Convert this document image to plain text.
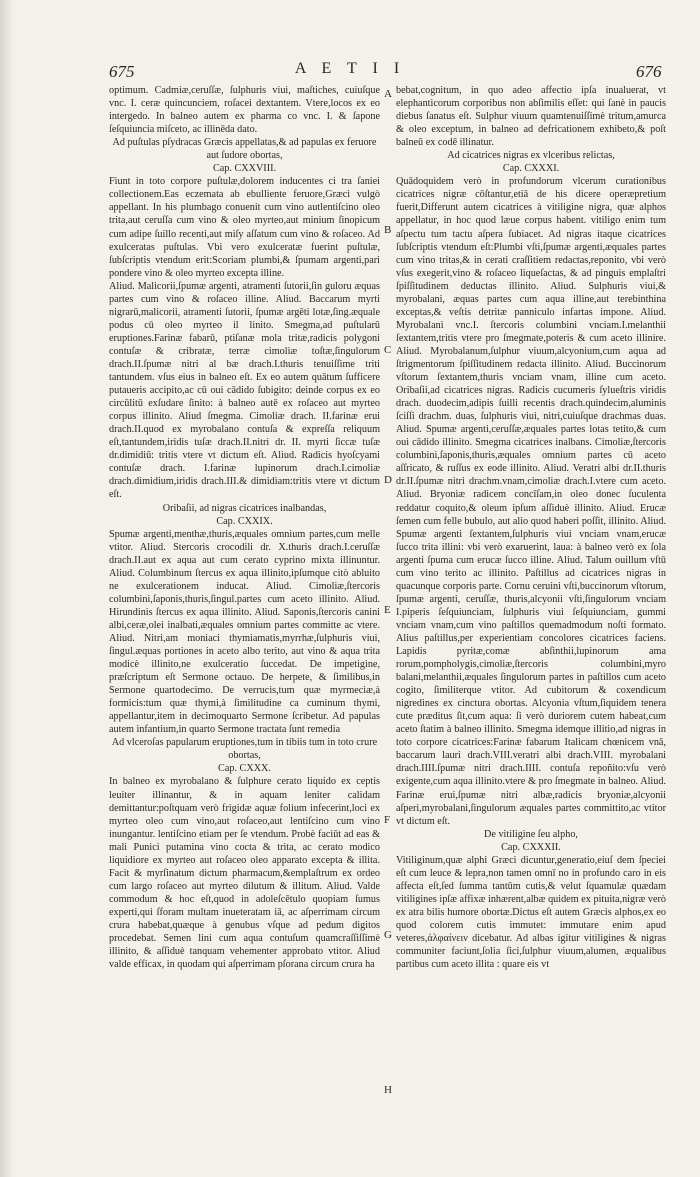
675	A E T I I	676

optimum. Cadmiæ,ceruſſæ, ſulphuris viui, maſtiches, cuiuſque vnc. I. ceræ quincunciem, roſacei dextantem. Vtere,locos ex eo intergedo. In balneo autem ex pharma co vnc. I. & ſapone ſeſquiuncia miſceto, ac illinēda dato.

Ad puſtulas pſydracas Græcis appellatas,& ad papulas ex feruore aut ſudore obortas,

Cap. CXXVIII.

Fiunt in toto corpore puſtulæ,dolorem inducentes ci tra ſaniei collectionem.Eas eczemata ab ebulliente feruore,Græci vulgò appellant. In his plumbago conuenit cum vino autlentiſcino oleo trita,aut ceruſſa cum vino & oleo myrteo,aut minium ſinopicum cum adipe ſuillo recenti,aut miſy aſſatum cum vino & roſaceo. Ad exulceratas puſtulas. Vbi vero exulceratæ fuerint puſtulæ, ſubſcriptis vtendum erit:Scoriam plumbi,& ſpumam argenti,pari pondere vino & oleo myrteo excepta illine.

Aliud. Malicorii,ſpumæ argenti, atramenti ſutorii,ſin guloru æquas partes cum vino & roſaceo illine. Aliud. Baccarum myrti nigrarū,malicorii, atramenti ſutorii, ſpumæ argēti lotæ,ſing.æquale podus cū oleo myrteo il linito. Smegma,ad puſtularū eruptiones.Farinæ fabarū, ptiſanæ mola tritæ,radicis polygoni contuſæ & cribratæ, terræ cimoliæ toſtæ,ſingulorum drach.II.ſpumæ nitri al bæ drach.I.thuris tenuiſſime triti tantundem. vſus eius in balneo eſt. Ex eo autem quātum ſufficere putaueris accipito,ac cū oui cādido ſubigito: deinde corpus ex eo circūlitū exſudare ſinito: à balneo autē ex roſaceo aut myrteo corpus illinito. Aliud ſmegma. Cimoliæ drach. II.farinæ erui drach.II.quod ex myrobalano contuſa & expreſſa reliquum eſt,tantundem,iridis tuſæ drach.II.nitri dr. II. myrti ſiccæ tuſæ dr.dimidiū: tritis vtere vt dictum eſt. Aliud. Radicis hyoſcyami contuſæ drach. I.farinæ lupinorum drach.I.cimoliæ drach.dimidium,iridis drach.III.& dimidiam:tritis vtere vt dictum eſt.

Oribaſii, ad nigras cicatrices inalbandas,

Cap. CXXIX.

Spumæ argenti,menthæ,thuris,æquales omnium partes,cum melle vtitor. Aliud. Stercoris crocodili dr. X.thuris drach.I.ceruſſæ drach.II.aut ex aqua aut cum cerato cyprino mixta illinuntur. Aliud. Columbinum ſtercus ex aqua illinito,ipſumque citò abluito ne exulcerationem inducat. Aliud. Cimoliæ,ſtercoris columbini,ſaponis,thuris,ſingul.partes cum aceto illinito. Aliud. Hirundinis ſtercus ex aqua illinito. Aliud. Saponis,ſtercoris canini albi,ceræ,olei inalbati,æquales omnium partes committe ac vtere. Aliud. Nitri,am moniaci thymiamatis,myrrhæ,ſulphuris viui, ſingul.æquas portiones in aceto albo terito, aut vino & aqua trita modicè illinito,ne exulceratio ſuccedat. De impetigine, præſcriptum eſt Sermone octauo. De herpete, & ſimilibus,in Sermone quartodecimo. De verrucis,tum quæ myrmeciæ,à formicis:tum quæ thymi,à ſimilitudine ca cuminum thymi, appellantur,item in decimoquarto Sermone ſcribetur. Ad papulas autem infantium,in quarto Sermone tractata ſunt remedia

Ad vlceroſas papularum eruptiones,tum in tibiis tum in toto crure obortas,

Cap. CXXX.

In balneo ex myrobalano & ſulphure cerato liquido ex ceptis leuiter illinantur, & in aquam leniter calidam demittantur:poſtquam verò frigidæ aquæ folium infecerint,loci ex myrteo oleo cum vino,aut roſaceo,aut lentiſcino cum vino inungantur. lentiſcino etiam per ſe vtendum. Probè faciūt ad eas & mali Punici putamina vino cocta & trita, ac cerato modico liquidiore ex myrteo aut roſaceo oleo apparato excepta & illita. Facit & myrſinatum dictum pharmacum,&emplaſtrum ex ordeo cum largo roſaceo aut myrteo dilutum & illitum. Aliud. Valde commodum & hoc eſt,quod in adoleſcētulo quopiam ſumus experti,qui ſforam multam inueteratam iā, ac aſperrimam circum crura habebat,quæque à genubus vſque ad pedum digitos procedebat. Semen lini cum aqua contuſum quamcraſſiſſimè illinito, & aſſiduè tanquam vehementer approbato vtitor. Aliud valde efficax, in quodam qui aſperrimam pſorana circum crura ha

bebat,cognitum, in quo adeo affectio ipſa inualuerat, vt elephanticorum corporibus non abſimilis eſſet: qui ſanè in paucis diebus ſanatus eſt. Sulphur viuum quamtenuiſſimè tritum,amurca & oleo exceptum, in balneo ad defricationem exhibeto,& poſt balneū ex codē illinatur.

Ad cicatrices nigras ex vlceribus relictas,

Cap. CXXXI.

Quādoquidem verò in profundorum vlcerum curationibus cicatrices nigræ cōſtantur,etiā de his dicere operæpretium fuerit,Differunt autem cicatrices à vitiligine nigra, quæ alphos appellatur, in hoc quod læue corpus habent. vitiligo enim tum aſpectu tum tactu aſpera ſubiacet. Ad nigras itaque cicatrices ſubſcriptis vtendum eſt:Plumbi vſti,ſpumæ argenti,æquales partes cum vino tritas,& in cerati craſſitiem redactas,reponito, vbi verò vſus exegerit,vino & roſaceo liqueſactas, & ad pinguis emplaſtri ſpiſſitudinem deductas illinito. Aliud. Sulphuris viui,& myrobalani, æquas partes cum aqua illine,aut terebinthina exceptas,& veſtis detritæ panniculo infartas impone. Aliud. Myrobalani vnc.I. ſtercoris columbini vnciam.I.melanthii ſextantem,tritis vtere pro ſmegmate,poteris & cum aceto illinire. Aliud. Myrobalanum,ſulphur viuum,alcyonium,cum aqua ad ſtrigmentorum ſpiſſitudinem redacta illinito. Aliud. Buccinorum vſtorum ſextantem,thuris vnciam vnam, illine cum aceto. Oribaſii,ad cicatrices nigras. Radicis cucumeris ſylueſtris viridis drach. duodecim,adipis ſuilli recentis drach.quindecim,aluminis ſciſſi drachm. duas, ſulphuris viui, nitri,cuiuſque drachmas duas. Aliud. Spumæ argenti,ceruſſæ,æquales partes lotas tetito,& cum oui cādido illinito. Smegma cicatrices inalbans. Cimoliæ,ſtercoris columbini,ſaponis,thuris,æquales omnium partes cū aceto aſſricato, & ruſſus ex eode illinito. Aliud. Veratri albi dr.II.thuris dr.II.ſpumæ nitri drachm.vnam,cimoliæ drach.I.vtere cum aceto. Aliud. Bryoniæ radicem concīſam,in oleo donec ſuculenta reddatur coquito,& oleum ipſum aſſiduè illinito. Aliud. Erucæ ſemen cum felle bubulo, aut alio quod haberi poſſit, illinito. Aliud. Spumæ argenti ſextantem,ſulphuris viui vnciam vnam,erucæ ſucco trita illini: vbi verò exaruerint, laua: à balneo verò ex ſola argenti ſpuma cum erucæ ſucco illine. Aliud. Talum ouillum vſtū cum vino terito ac illinito. Paſtillus ad cicatrices nigras in quacunque corporis parte. Cornu ceruini vſti,buccinorum vſtorum, ſpumæ argenti, ceruſſæ, thuris,alcyonii vſti,ſingulorum vnciam I.piperis ſeſquiunciam, ſulphuris viui ſeſquiunciam, gummi vnciam vnam,cum vino paſtillos quemadmodum noſti formato. Alius paſtillus,per experientiam concolores cicatrices faciens. Lapidis pyritæ,comæ abſinthii,lupinorum ama rorum,pompholygis,cimoliæ,ſtercoris columbini,myro balani,melanthii,æquales ſingulorum partes in paſtillos cum aceto cogito, ſimiliterque vtitor. Ad cubitorum & coxendicum nigredines ex cinctura obortas. Alcyonia vſtum,ſiquidem tenera cute præditus ſit,cum aqua: ſi verò duriorem cutem habeat,cum aceto ſtatim à balneo illinito. Smegma idemque illitio,ad nigras in toto corpore cicatrices:Farinæ fabarum Italicam chœnicem vnā, baccarum lauri drach.VIII.veratri albi drach.VIII. myrobalani drach.IIII.ſpumæ nitri drach.IIII. contuſa repoñito:vſu verò exigente,cum aqua illinito.vtere & pro ſmegmate in balneo. Aliud. Farinæ erui,ſpumæ nitri albæ,radicis bryoniæ,alcyonii aſperi,myrobalani,ſingulorum æquales partes committito,ac vtitor vt dictum eſt.

De vitiligine ſeu alpho,

Cap. CXXXII.

Vitiliginum,quæ alphi Græci dicuntur,generatio,eiuſ dem ſpeciei eſt cum leuce & lepra,non tamen omnī no in profundo caro in eis affecta eſt,ſed ſumma tantūm cutis,& velut ſquamulæ quædam vitiligines ipſæ affixæ inhærent,albæ quidem ex pituita,nigræ verò ex atra bilis humore obortæ.Dictus eſt autem Græcis alphos,ex eo quod colorem cutis immutet: immutare enim apud veteres,ἀλφαίνειν dicebatur. Ad albas igitur vitiligines & nigras communiter faciunt,ſolia ſici,ſulphur viuum,alumen, æqualibus partibus cum aceto illita : quare eis vt

A
B
C
D
E
F
G
H
